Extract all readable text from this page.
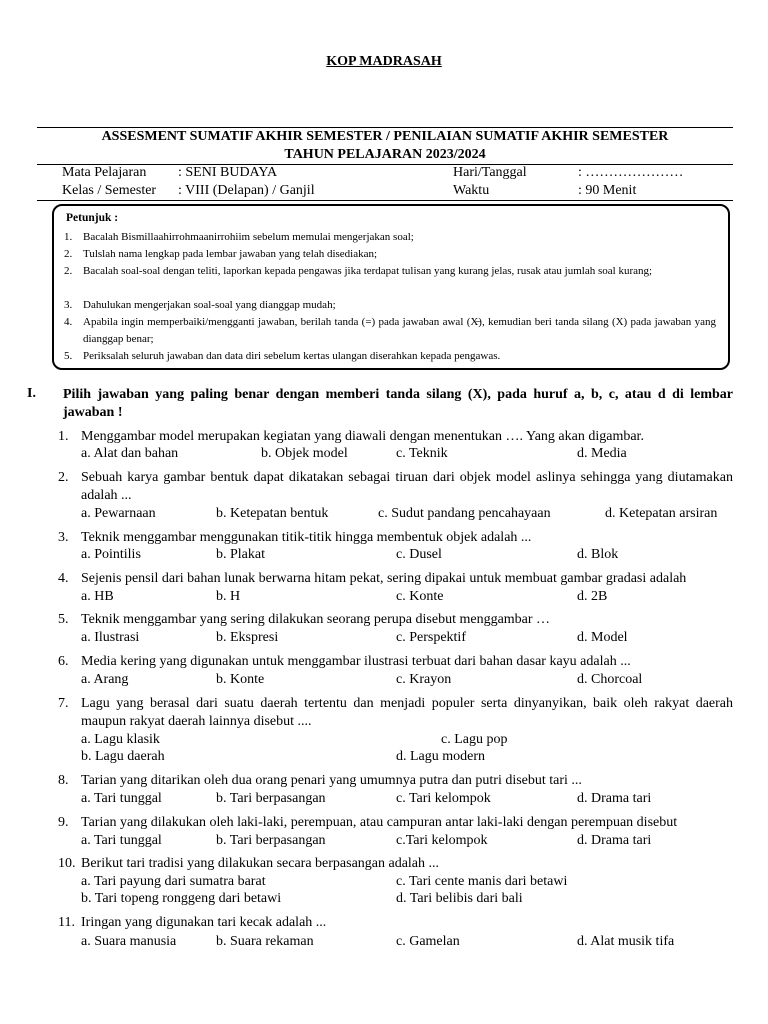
KOP MADRASAH
ASSESMENT SUMATIF AKHIR SEMESTER / PENILAIAN SUMATIF AKHIR SEMESTER
TAHUN PELAJARAN 2023/2024
Mata Pelajaran : SENI BUDAYA	Hari/Tanggal	: …………………
Kelas / Semester : VIII (Delapan) / Ganjil	Waktu	: 90 Menit
Petunjuk :
1. Bacalah Bismillaahirrohmaanirrohiim sebelum memulai mengerjakan soal;
2. Tulslah nama lengkap pada lembar jawaban yang telah disediakan;
2. Bacalah soal-soal dengan teliti, laporkan kepada pengawas jika terdapat tulisan yang kurang jelas, rusak atau jumlah soal kurang;
3. Dahulukan mengerjakan soal-soal yang dianggap mudah;
4. Apabila ingin memperbaiki/mengganti jawaban, berilah tanda (=) pada jawaban awal (X̶), kemudian beri tanda silang (X) pada jawaban yang dianggap benar;
5. Periksalah seluruh jawaban dan data diri sebelum kertas ulangan diserahkan kepada pengawas.
I. Pilih jawaban yang paling benar dengan memberi tanda silang (X), pada huruf a, b, c, atau d di lembar jawaban !
1. Menggambar model merupakan kegiatan yang diawali dengan menentukan …. Yang akan digambar.
a. Alat dan bahan	b. Objek model	c. Teknik	d. Media
2. Sebuah karya gambar bentuk dapat dikatakan sebagai tiruan dari objek model aslinya sehingga yang diutamakan adalah ...
a. Pewarnaan	b. Ketepatan bentuk	c. Sudut pandang pencahayaan	d. Ketepatan arsiran
3. Teknik menggambar menggunakan titik-titik hingga membentuk objek adalah ...
a. Pointilis	b. Plakat	c. Dusel	d. Blok
4. Sejenis pensil dari bahan lunak berwarna hitam pekat, sering dipakai untuk membuat gambar gradasi adalah
a. HB	b. H	c. Konte	d. 2B
5. Teknik menggambar yang sering dilakukan seorang perupa disebut menggambar …
a. Ilustrasi	b. Ekspresi	c. Perspektif	d. Model
6. Media kering yang digunakan untuk menggambar ilustrasi terbuat dari bahan dasar kayu adalah ...
a. Arang	b. Konte	c. Krayon	d. Chorcoal
7. Lagu yang berasal dari suatu daerah tertentu dan menjadi populer serta dinyanyikan, baik oleh rakyat daerah maupun rakyat daerah lainnya disebut ....
a. Lagu klasik	c. Lagu pop
b. Lagu daerah	d. Lagu modern
8. Tarian yang ditarikan oleh dua orang penari yang umumnya putra dan putri disebut tari ...
a. Tari tunggal	b. Tari berpasangan	c. Tari kelompok	d. Drama tari
9. Tarian yang dilakukan oleh laki-laki, perempuan, atau campuran antar laki-laki dengan perempuan disebut
a. Tari tunggal	b. Tari berpasangan	c.Tari kelompok	d. Drama tari
10. Berikut tari tradisi yang dilakukan secara berpasangan adalah ...
a. Tari payung dari sumatra barat	c. Tari cente manis dari betawi
b. Tari topeng ronggeng dari betawi	d. Tari belibis dari bali
11. Iringan yang digunakan tari kecak adalah ...
a. Suara manusia	b. Suara rekaman	c. Gamelan	d. Alat musik tifa
